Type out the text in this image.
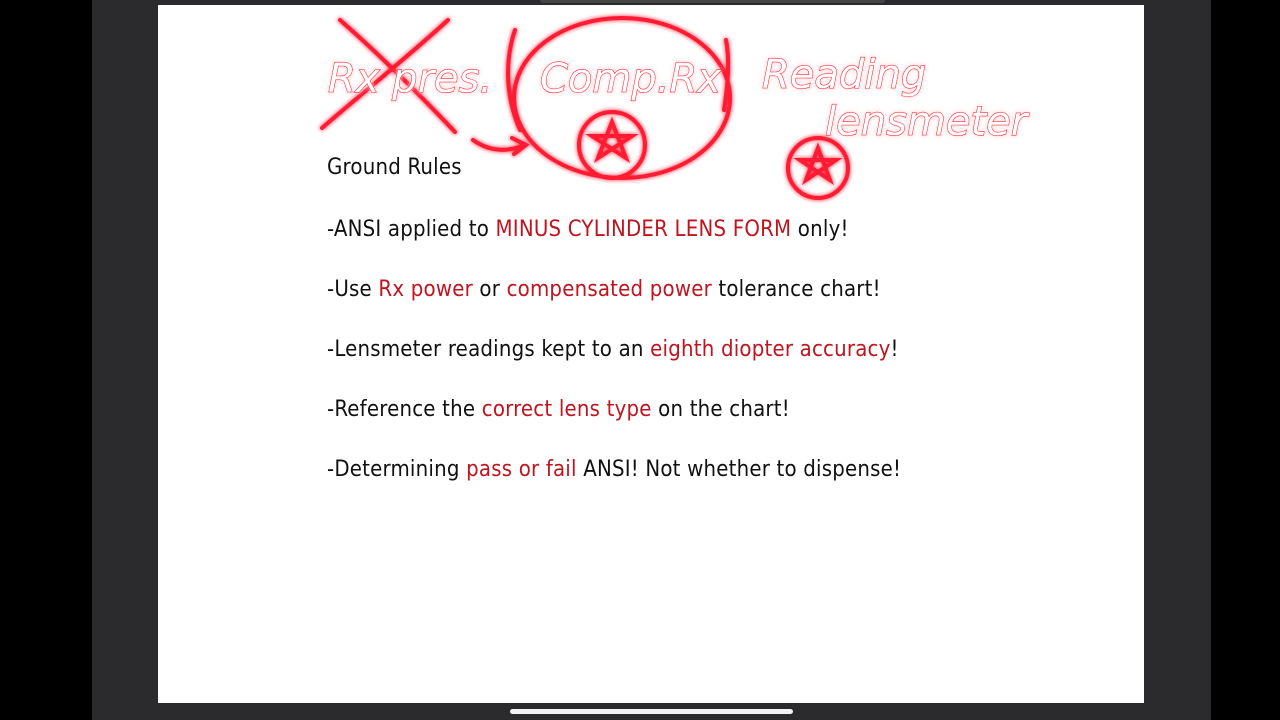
Rx pres. Comp.Rx Reading
lensmeter
Ground Rules
-ANSI applied to MINUS CYLINDER LENS FORM only!
-Use Rx power or compensated power tolerance chart!
-Lensmeter readings kept to an eighth diopter accuracy!
-Reference the correct lens type on the chart!
-Determining pass or fail ANSI! Not whether to dispense!
